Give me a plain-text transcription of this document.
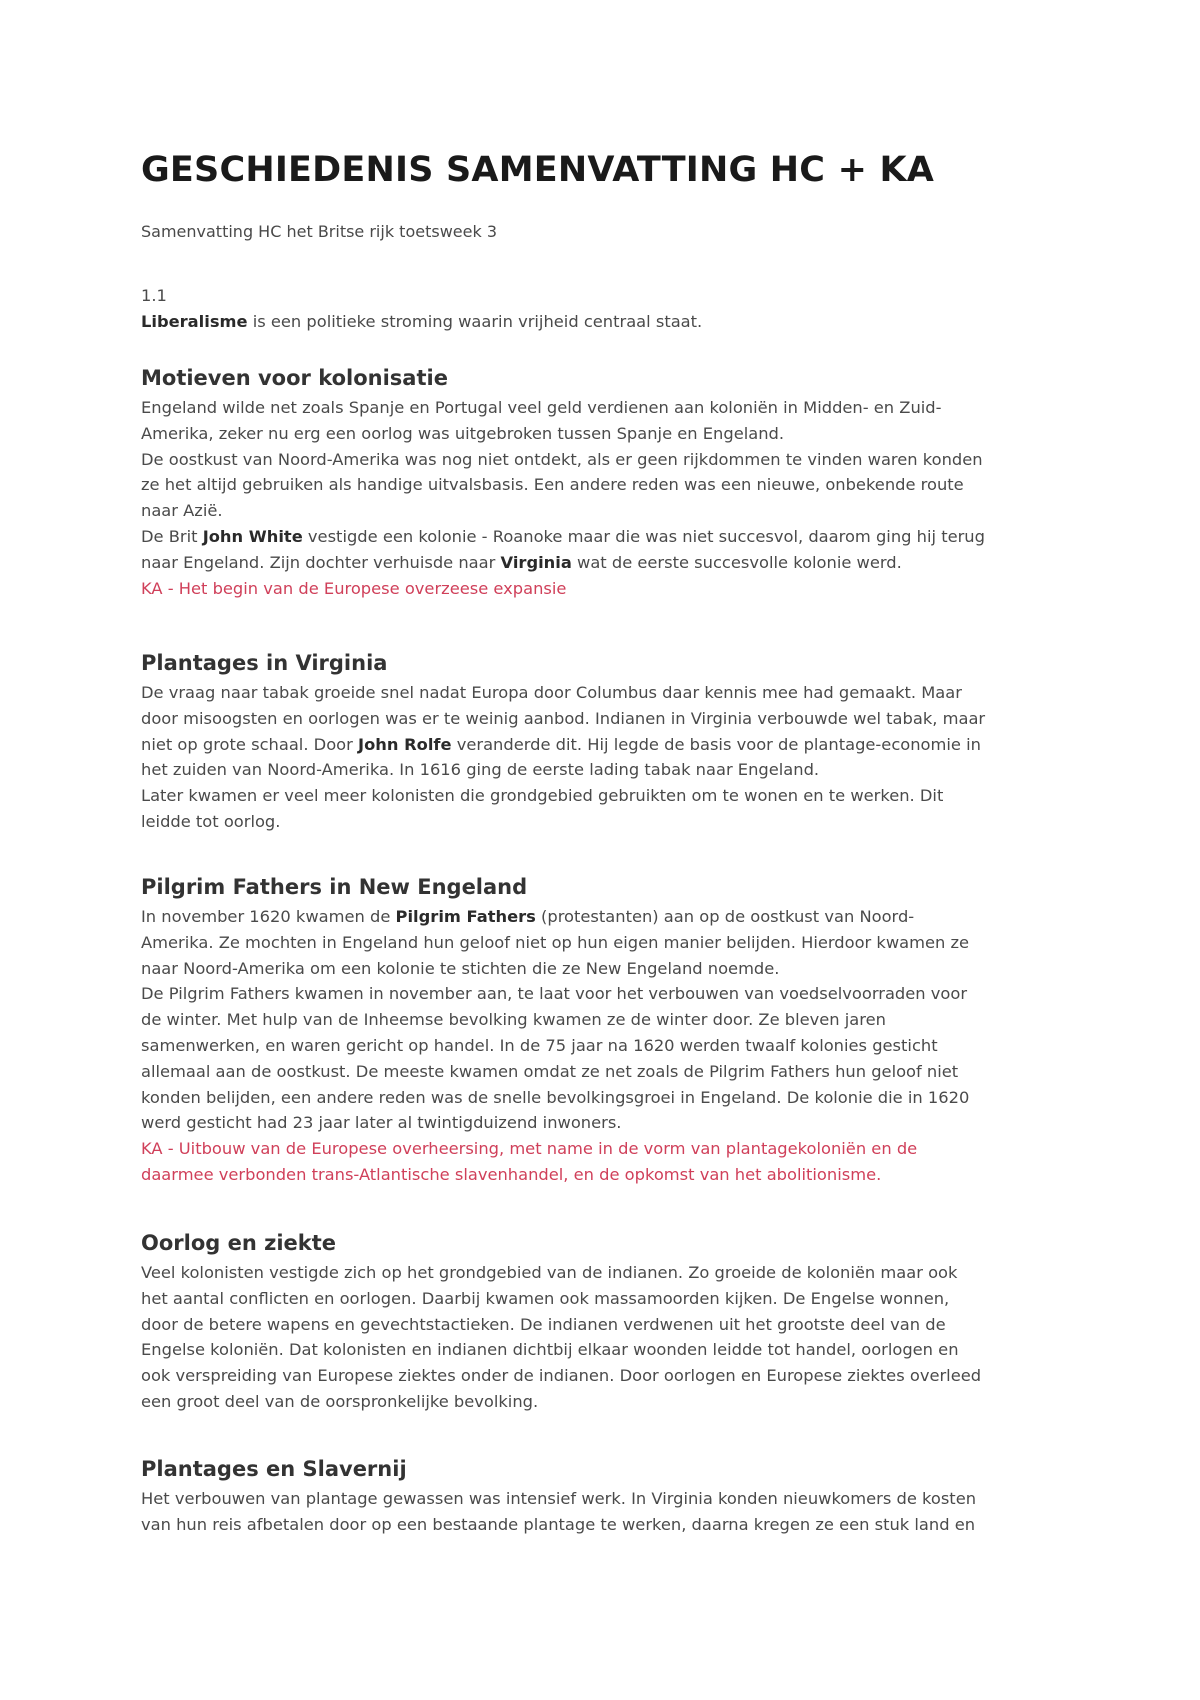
GESCHIEDENIS SAMENVATTING HC + KA

Samenvatting HC het Britse rijk toetsweek 3

1.1

Liberalisme is een politieke stroming waarin vrijheid centraal staat.

Motieven voor kolonisatie

Engeland wilde net zoals Spanje en Portugal veel geld verdienen aan koloniën in Midden- en Zuid-

Amerika, zeker nu erg een oorlog was uitgebroken tussen Spanje en Engeland.

De oostkust van Noord-Amerika was nog niet ontdekt, als er geen rijkdommen te vinden waren konden

ze het altijd gebruiken als handige uitvalsbasis. Een andere reden was een nieuwe, onbekende route

naar Azië.

De Brit John White vestigde een kolonie - Roanoke maar die was niet succesvol, daarom ging hij terug

naar Engeland. Zijn dochter verhuisde naar Virginia wat de eerste succesvolle kolonie werd.

KA - Het begin van de Europese overzeese expansie

Plantages in Virginia

De vraag naar tabak groeide snel nadat Europa door Columbus daar kennis mee had gemaakt. Maar

door misoogsten en oorlogen was er te weinig aanbod. Indianen in Virginia verbouwde wel tabak, maar

niet op grote schaal. Door John Rolfe veranderde dit. Hij legde de basis voor de plantage-economie in

het zuiden van Noord-Amerika. In 1616 ging de eerste lading tabak naar Engeland.

Later kwamen er veel meer kolonisten die grondgebied gebruikten om te wonen en te werken. Dit

leidde tot oorlog.

Pilgrim Fathers in New Engeland

In november 1620 kwamen de Pilgrim Fathers (protestanten) aan op de oostkust van Noord-

Amerika. Ze mochten in Engeland hun geloof niet op hun eigen manier belijden. Hierdoor kwamen ze

naar Noord-Amerika om een kolonie te stichten die ze New Engeland noemde.

De Pilgrim Fathers kwamen in november aan, te laat voor het verbouwen van voedselvoorraden voor

de winter. Met hulp van de Inheemse bevolking kwamen ze de winter door. Ze bleven jaren

samenwerken, en waren gericht op handel. In de 75 jaar na 1620 werden twaalf kolonies gesticht

allemaal aan de oostkust. De meeste kwamen omdat ze net zoals de Pilgrim Fathers hun geloof niet

konden belijden, een andere reden was de snelle bevolkingsgroei in Engeland. De kolonie die in 1620

werd gesticht had 23 jaar later al twintigduizend inwoners.

KA - Uitbouw van de Europese overheersing, met name in de vorm van plantagekoloniën en de

daarmee verbonden trans-Atlantische slavenhandel, en de opkomst van het abolitionisme.

Oorlog en ziekte

Veel kolonisten vestigde zich op het grondgebied van de indianen. Zo groeide de koloniën maar ook

het aantal conflicten en oorlogen. Daarbij kwamen ook massamoorden kijken. De Engelse wonnen,

door de betere wapens en gevechtstactieken. De indianen verdwenen uit het grootste deel van de

Engelse koloniën. Dat kolonisten en indianen dichtbij elkaar woonden leidde tot handel, oorlogen en

ook verspreiding van Europese ziektes onder de indianen. Door oorlogen en Europese ziektes overleed

een groot deel van de oorspronkelijke bevolking.

Plantages en Slavernij

Het verbouwen van plantage gewassen was intensief werk. In Virginia konden nieuwkomers de kosten

van hun reis afbetalen door op een bestaande plantage te werken, daarna kregen ze een stuk land en
